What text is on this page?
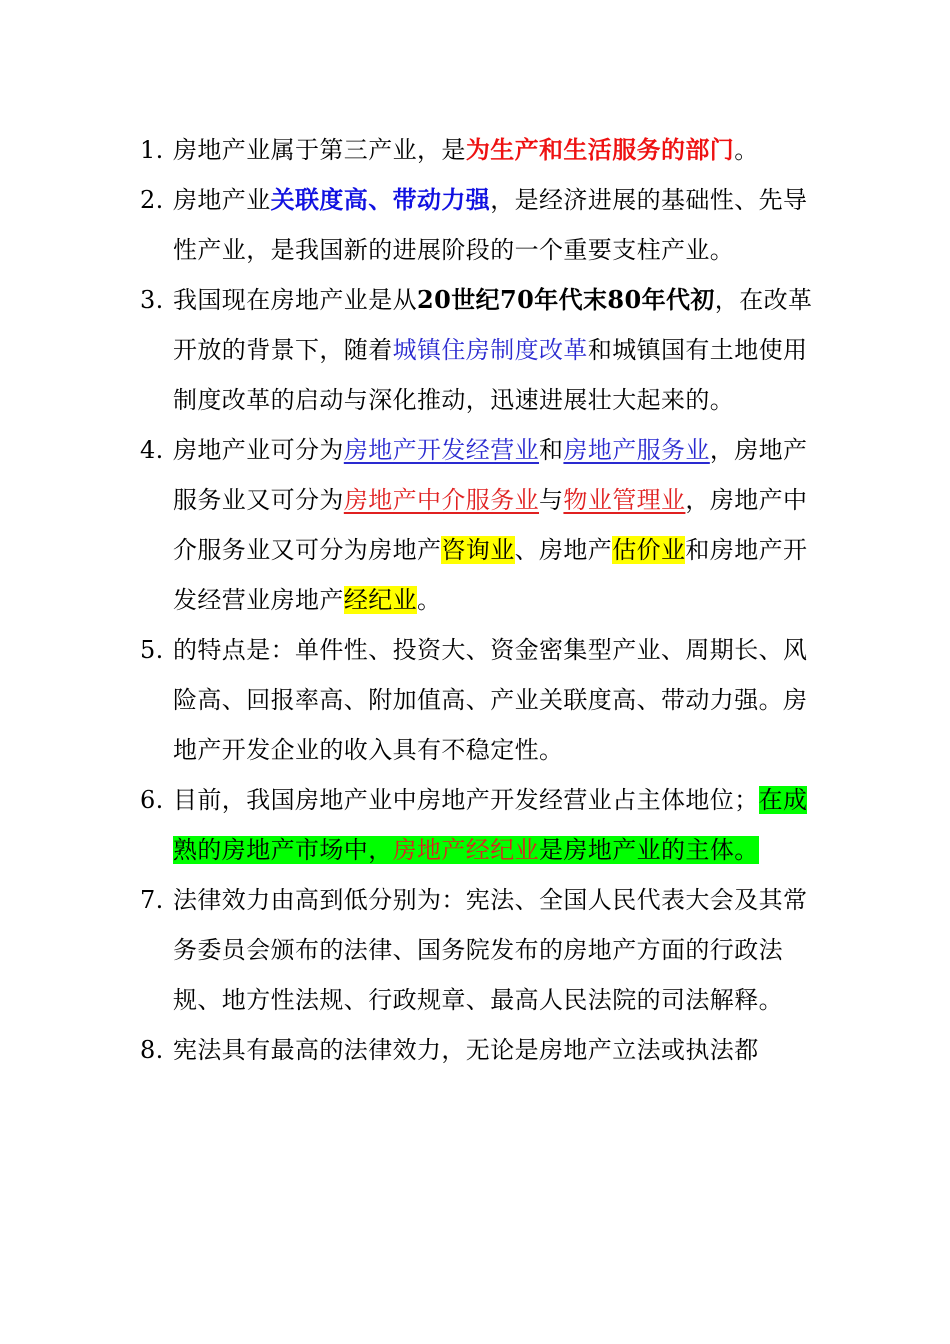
1. 房地产业属于第三产业，是为生产和生活服务的部门。
2. 房地产业关联度高、带动力强，是经济进展的基础性、先导性产业，是我国新的进展阶段的一个重要支柱产业。
3. 我国现在房地产业是从20世纪70年代末80年代初，在改革开放的背景下，随着城镇住房制度改革和城镇国有土地使用制度改革的启动与深化推动，迅速进展壮大起来的。
4. 房地产业可分为房地产开发经营业和房地产服务业，房地产服务业又可分为房地产中介服务业与物业管理业，房地产中介服务业又可分为房地产咨询业、房地产估价业和房地产开发经营业房地产经纪业。
5. 的特点是：单件性、投资大、资金密集型产业、周期长、风险高、回报率高、附加值高、产业关联度高、带动力强。房地产开发企业的收入具有不稳定性。
6. 目前，我国房地产业中房地产开发经营业占主体地位；在成熟的房地产市场中，房地产经纪业是房地产业的主体。
7. 法律效力由高到低分别为：宪法、全国人民代表大会及其常务委员会颁布的法律、国务院发布的房地产方面的行政法规、地方性法规、行政规章、最高人民法院的司法解释。
8. 宪法具有最高的法律效力，无论是房地产立法或执法都
